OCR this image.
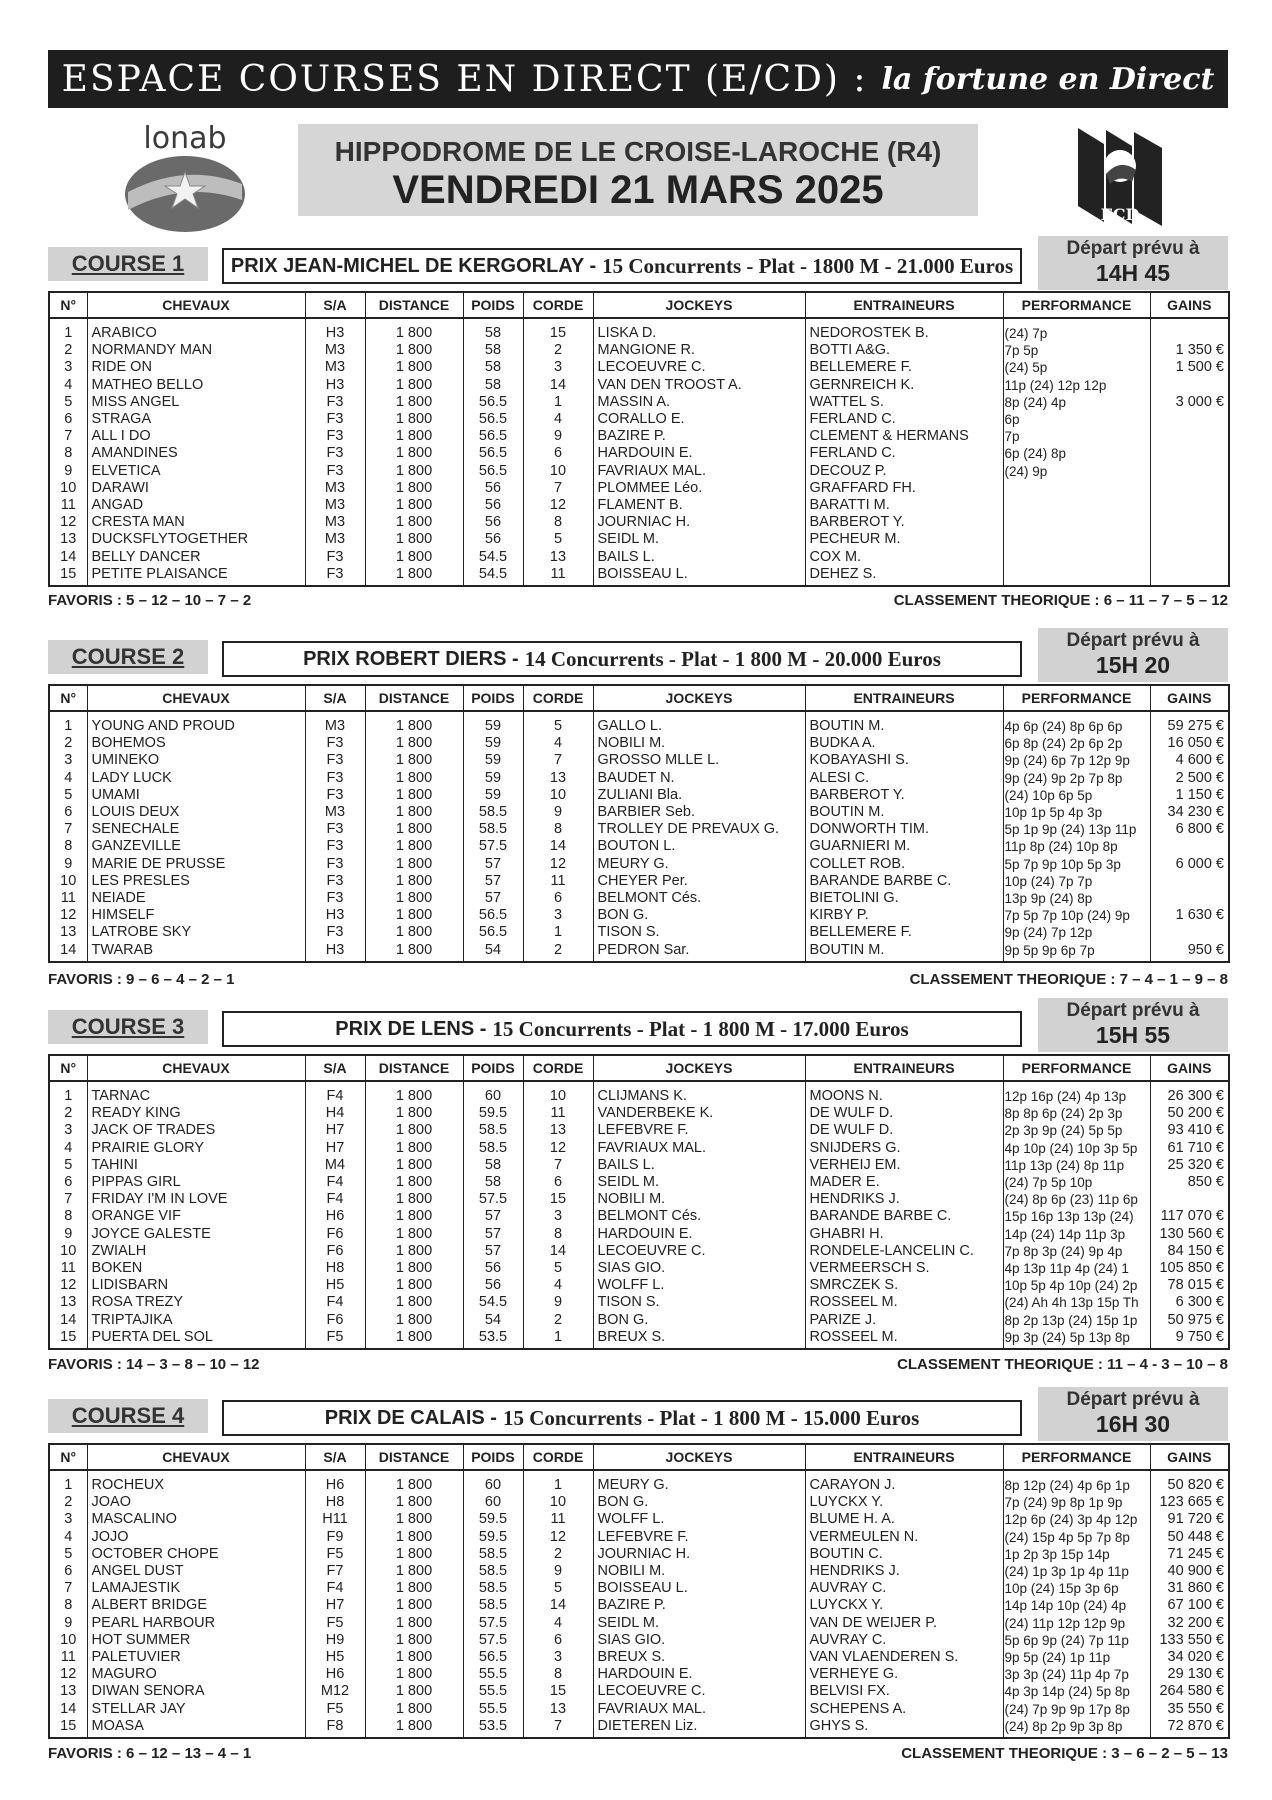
ESPACE COURSES EN DIRECT (E/CD) : la fortune en Direct
lonab	HIPPODROME DE LE CROISE-LAROCHE (R4)
VENDREDI 21 MARS 2025
ECD
COURSE 1	PRIX JEAN-MICHEL DE KERGORLAY - 15 Concurrents - Plat - 1800 M - 21.000 Euros
Départ prévu à
14H 45
N°	CHEVAUX	S/A	DISTANCE	POIDS	CORDE	JOCKEYS	ENTRAINEURS	PERFORMANCE	GAINS
1	ARABICO	H3	1 800	58	15	LISKA D.	NEDOROSTEK B.	(24) 7p	
2	NORMANDY MAN	M3	1 800	58	2	MANGIONE R.	BOTTI A&G.	7p 5p	1 350 €
3	RIDE ON	M3	1 800	58	3	LECOEUVRE C.	BELLEMERE F.	(24) 5p	1 500 €
4	MATHEO BELLO	H3	1 800	58	14	VAN DEN TROOST A.	GERNREICH K.	11p (24) 12p 12p	
5	MISS ANGEL	F3	1 800	56.5	1	MASSIN A.	WATTEL S.	8p (24) 4p	3 000 €
6	STRAGA	F3	1 800	56.5	4	CORALLO E.	FERLAND C.	6p	
7	ALL I DO	F3	1 800	56.5	9	BAZIRE P.	CLEMENT & HERMANS	7p	
8	AMANDINES	F3	1 800	56.5	6	HARDOUIN E.	FERLAND C.	6p (24) 8p	
9	ELVETICA	F3	1 800	56.5	10	FAVRIAUX MAL.	DECOUZ P.	(24) 9p	
10	DARAWI	M3	1 800	56	7	PLOMMEE Léo.	GRAFFARD FH.		
11	ANGAD	M3	1 800	56	12	FLAMENT B.	BARATTI M.		
12	CRESTA MAN	M3	1 800	56	8	JOURNIAC H.	BARBEROT Y.		
13	DUCKSFLYTOGETHER	M3	1 800	56	5	SEIDL M.	PECHEUR M.		
14	BELLY DANCER	F3	1 800	54.5	13	BAILS L.	COX M.		
15	PETITE PLAISANCE	F3	1 800	54.5	11	BOISSEAU L.	DEHEZ S.		
FAVORIS : 5 – 12 – 10 – 7 – 2	CLASSEMENT THEORIQUE : 6 – 11 – 7 – 5 – 12
COURSE 2	PRIX ROBERT DIERS - 14 Concurrents - Plat - 1 800 M - 20.000 Euros
Départ prévu à
15H 20
N°	CHEVAUX	S/A	DISTANCE	POIDS	CORDE	JOCKEYS	ENTRAINEURS	PERFORMANCE	GAINS
1	YOUNG AND PROUD	M3	1 800	59	5	GALLO L.	BOUTIN M.	4p 6p (24) 8p 6p 6p	59 275 €
2	BOHEMOS	F3	1 800	59	4	NOBILI M.	BUDKA A.	6p 8p (24) 2p 6p 2p	16 050 €
3	UMINEKO	F3	1 800	59	7	GROSSO MLLE L.	KOBAYASHI S.	9p (24) 6p 7p 12p 9p	4 600 €
4	LADY LUCK	F3	1 800	59	13	BAUDET N.	ALESI C.	9p (24) 9p 2p 7p 8p	2 500 €
5	UMAMI	F3	1 800	59	10	ZULIANI Bla.	BARBEROT Y.	(24) 10p 6p 5p	1 150 €
6	LOUIS DEUX	M3	1 800	58.5	9	BARBIER Seb.	BOUTIN M.	10p 1p 5p 4p 3p	34 230 €
7	SENECHALE	F3	1 800	58.5	8	TROLLEY DE PREVAUX G.	DONWORTH TIM.	5p 1p 9p (24) 13p 11p	6 800 €
8	GANZEVILLE	F3	1 800	57.5	14	BOUTON L.	GUARNIERI M.	11p 8p (24) 10p 8p	
9	MARIE DE PRUSSE	F3	1 800	57	12	MEURY G.	COLLET ROB.	5p 7p 9p 10p 5p 3p	6 000 €
10	LES PRESLES	F3	1 800	57	11	CHEYER Per.	BARANDE BARBE C.	10p (24) 7p 7p	
11	NEIADE	F3	1 800	57	6	BELMONT Cés.	BIETOLINI G.	13p 9p (24) 8p	
12	HIMSELF	H3	1 800	56.5	3	BON G.	KIRBY P.	7p 5p 7p 10p (24) 9p	1 630 €
13	LATROBE SKY	F3	1 800	56.5	1	TISON S.	BELLEMERE F.	9p (24) 7p 12p	
14	TWARAB	H3	1 800	54	2	PEDRON Sar.	BOUTIN M.	9p 5p 9p 6p 7p	950 €
FAVORIS : 9 – 6 – 4 – 2 – 1	CLASSEMENT THEORIQUE : 7 – 4 – 1 – 9 – 8
COURSE 3	PRIX DE LENS - 15 Concurrents - Plat - 1 800 M - 17.000 Euros
Départ prévu à
15H 55
N°	CHEVAUX	S/A	DISTANCE	POIDS	CORDE	JOCKEYS	ENTRAINEURS	PERFORMANCE	GAINS
1	TARNAC	F4	1 800	60	10	CLIJMANS K.	MOONS N.	12p 16p (24) 4p 13p	26 300 €
2	READY KING	H4	1 800	59.5	11	VANDERBEKE K.	DE WULF D.	8p 8p 6p (24) 2p 3p	50 200 €
3	JACK OF TRADES	H7	1 800	58.5	13	LEFEBVRE F.	DE WULF D.	2p 3p 9p (24) 5p 5p	93 410 €
4	PRAIRIE GLORY	H7	1 800	58.5	12	FAVRIAUX MAL.	SNIJDERS G.	4p 10p (24) 10p 3p 5p	61 710 €
5	TAHINI	M4	1 800	58	7	BAILS L.	VERHEIJ EM.	11p 13p (24) 8p 11p	25 320 €
6	PIPPAS GIRL	F4	1 800	58	6	SEIDL M.	MADER E.	(24) 7p 5p 10p	850 €
7	FRIDAY I'M IN LOVE	F4	1 800	57.5	15	NOBILI M.	HENDRIKS J.	(24) 8p 6p (23) 11p 6p	
8	ORANGE VIF	H6	1 800	57	3	BELMONT Cés.	BARANDE BARBE C.	15p 16p 13p 13p (24)	117 070 €
9	JOYCE GALESTE	F6	1 800	57	8	HARDOUIN E.	GHABRI H.	14p (24) 14p 11p 3p	130 560 €
10	ZWIALH	F6	1 800	57	14	LECOEUVRE C.	RONDELE-LANCELIN C.	7p 8p 3p (24) 9p 4p	84 150 €
11	BOKEN	H8	1 800	56	5	SIAS GIO.	VERMEERSCH S.	4p 13p 11p 4p (24) 1	105 850 €
12	LIDISBARN	H5	1 800	56	4	WOLFF L.	SMRCZEK S.	10p 5p 4p 10p (24) 2p	78 015 €
13	ROSA TREZY	F4	1 800	54.5	9	TISON S.	ROSSEEL M.	(24) Ah 4h 13p 15p Th	6 300 €
14	TRIPTAJIKA	F6	1 800	54	2	BON G.	PARIZE J.	8p 2p 13p (24) 15p 1p	50 975 €
15	PUERTA DEL SOL	F5	1 800	53.5	1	BREUX S.	ROSSEEL M.	9p 3p (24) 5p 13p 8p	9 750 €
FAVORIS : 14 – 3 – 8 – 10 – 12	CLASSEMENT THEORIQUE : 11 – 4 - 3 – 10 – 8
COURSE 4	PRIX DE CALAIS - 15 Concurrents - Plat - 1 800 M - 15.000 Euros
Départ prévu à
16H 30
N°	CHEVAUX	S/A	DISTANCE	POIDS	CORDE	JOCKEYS	ENTRAINEURS	PERFORMANCE	GAINS
1	ROCHEUX	H6	1 800	60	1	MEURY G.	CARAYON J.	8p 12p (24) 4p 6p 1p	50 820 €
2	JOAO	H8	1 800	60	10	BON G.	LUYCKX Y.	7p (24) 9p 8p 1p 9p	123 665 €
3	MASCALINO	H11	1 800	59.5	11	WOLFF L.	BLUME H. A.	12p 6p (24) 3p 4p 12p	91 720 €
4	JOJO	F9	1 800	59.5	12	LEFEBVRE F.	VERMEULEN N.	(24) 15p 4p 5p 7p 8p	50 448 €
5	OCTOBER CHOPE	F5	1 800	58.5	2	JOURNIAC H.	BOUTIN C.	1p 2p 3p 15p 14p	71 245 €
6	ANGEL DUST	F7	1 800	58.5	9	NOBILI M.	HENDRIKS J.	(24) 1p 3p 1p 4p 11p	40 900 €
7	LAMAJESTIK	F4	1 800	58.5	5	BOISSEAU L.	AUVRAY C.	10p (24) 15p 3p 6p	31 860 €
8	ALBERT BRIDGE	H7	1 800	58.5	14	BAZIRE P.	LUYCKX Y.	14p 14p 10p (24) 4p	67 100 €
9	PEARL HARBOUR	F5	1 800	57.5	4	SEIDL M.	VAN DE WEIJER P.	(24) 11p 12p 12p 9p	32 200 €
10	HOT SUMMER	H9	1 800	57.5	6	SIAS GIO.	AUVRAY C.	5p 6p 9p (24) 7p 11p	133 550 €
11	PALETUVIER	H5	1 800	56.5	3	BREUX S.	VAN VLAENDEREN S.	9p 5p (24) 1p 11p	34 020 €
12	MAGURO	H6	1 800	55.5	8	HARDOUIN E.	VERHEYE G.	3p 3p (24) 11p 4p 7p	29 130 €
13	DIWAN SENORA	M12	1 800	55.5	15	LECOEUVRE C.	BELVISI FX.	4p 3p 14p (24) 5p 8p	264 580 €
14	STELLAR JAY	F5	1 800	55.5	13	FAVRIAUX MAL.	SCHEPENS A.	(24) 7p 9p 9p 17p 8p	35 550 €
15	MOASA	F8	1 800	53.5	7	DIETEREN Liz.	GHYS S.	(24) 8p 2p 9p 3p 8p	72 870 €
FAVORIS : 6 – 12 – 13 – 4 – 1	CLASSEMENT THEORIQUE : 3 – 6 – 2 – 5 – 13
